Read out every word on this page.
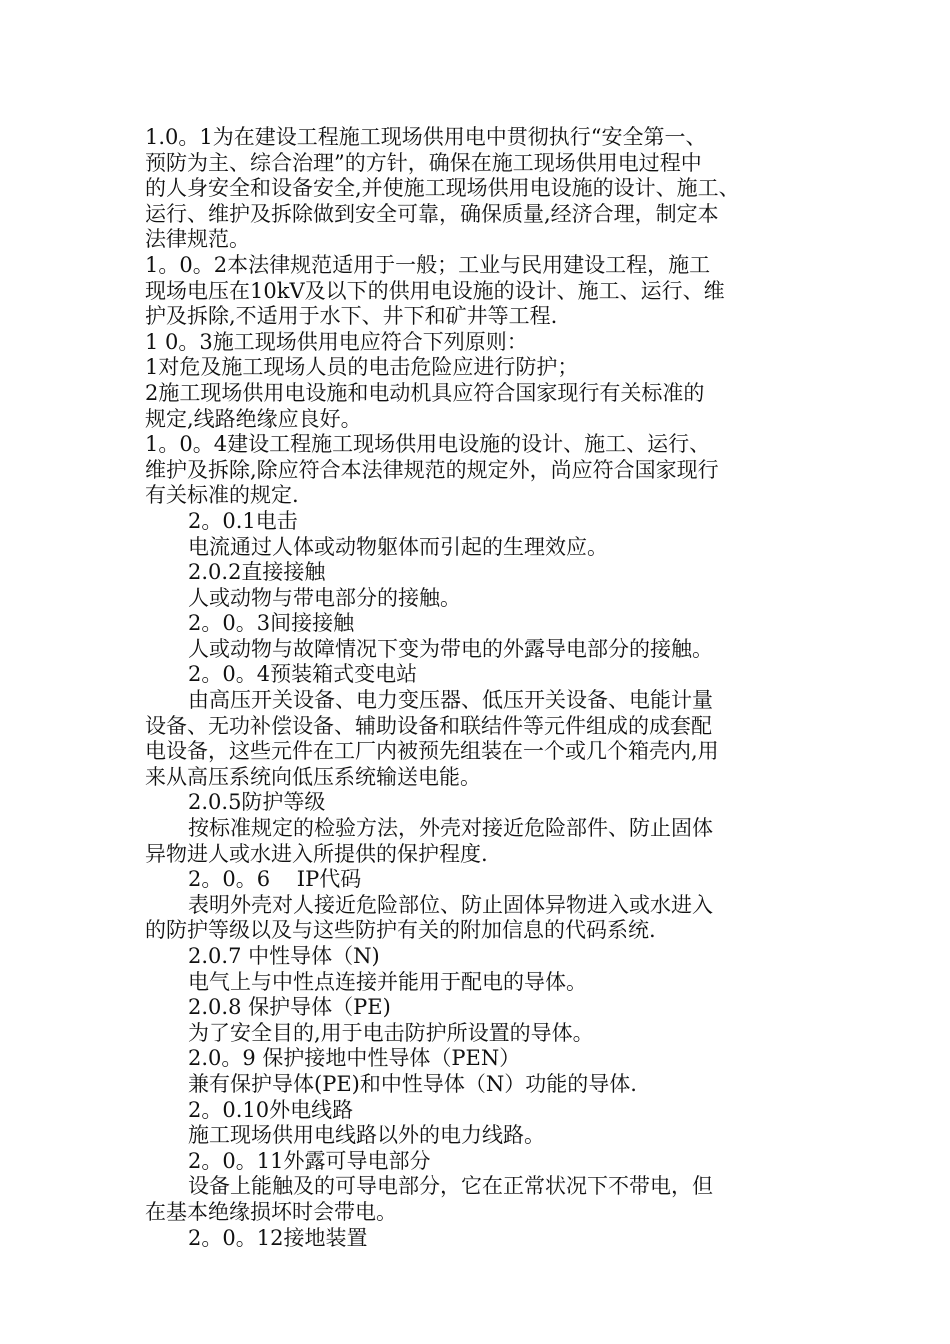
1.0。1为在建设工程施工现场供用电中贯彻执行“安全第一、
预防为主、综合治理”的方针，确保在施工现场供用电过程中
的人身安全和设备安全,并使施工现场供用电设施的设计、施工、
运行、维护及拆除做到安全可靠，确保质量,经济合理，制定本
法律规范。
1。0。2本法律规范适用于一般；工业与民用建设工程，施工
现场电压在10kV及以下的供用电设施的设计、施工、运行、维
护及拆除,不适用于水下、井下和矿井等工程.
1 0。3施工现场供用电应符合下列原则：
1对危及施工现场人员的电击危险应进行防护；
2施工现场供用电设施和电动机具应符合国家现行有关标准的
规定,线路绝缘应良好。
1。0。4建设工程施工现场供用电设施的设计、施工、运行、
维护及拆除,除应符合本法律规范的规定外，尚应符合国家现行
有关标准的规定.
2。0.1电击
电流通过人体或动物躯体而引起的生理效应。
2.0.2直接接触
人或动物与带电部分的接触。
2。0。3间接接触
人或动物与故障情况下变为带电的外露导电部分的接触。
2。0。4预装箱式变电站
由高压开关设备、电力变压器、低压开关设备、电能计量
设备、无功补偿设备、辅助设备和联结件等元件组成的成套配
电设备，这些元件在工厂内被预先组装在一个或几个箱壳内,用
来从高压系统向低压系统输送电能。
2.0.5防护等级
按标准规定的检验方法，外壳对接近危险部件、防止固体
异物进人或水进入所提供的保护程度.
2。0。6    IP代码
表明外壳对人接近危险部位、防止固体异物进入或水进入
的防护等级以及与这些防护有关的附加信息的代码系统.
2.0.7 中性导体（N)
电气上与中性点连接并能用于配电的导体。
2.0.8 保护导体（PE)
为了安全目的,用于电击防护所设置的导体。
2.0。9 保护接地中性导体（PEN）
兼有保护导体(PE)和中性导体（N）功能的导体.
2。0.10外电线路
施工现场供用电线路以外的电力线路。
2。0。11外露可导电部分
设备上能触及的可导电部分，它在正常状况下不带电，但
在基本绝缘损坏时会带电。
2。0。12接地装置
